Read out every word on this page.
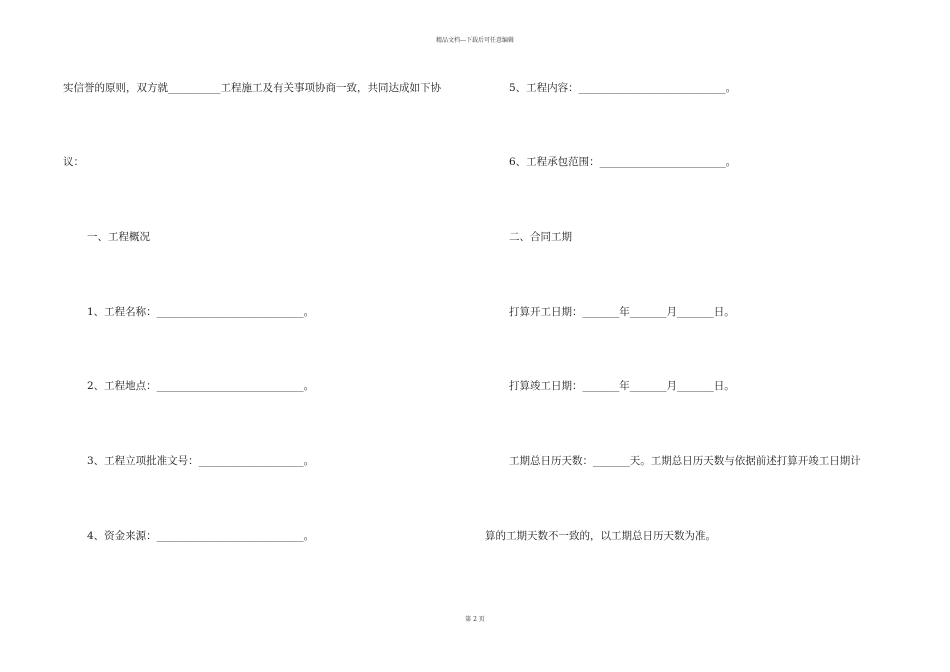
精品文档---下载后可任意编辑
实信誉的原则，双方就__________工程施工及有关事项协商一致，共同达成如下协
议：
一、工程概况
1、工程名称：____________________________。
2、工程地点：____________________________。
3、工程立项批准文号：____________________。
4、资金来源：____________________________。
5、工程内容：____________________________。
6、工程承包范围：________________________。
二、合同工期
打算开工日期：_______年_______月_______日。
打算竣工日期：_______年_______月_______日。
工期总日历天数：_______天。工期总日历天数与依据前述打算开竣工日期计
算的工期天数不一致的，以工期总日历天数为准。
第 2 页
